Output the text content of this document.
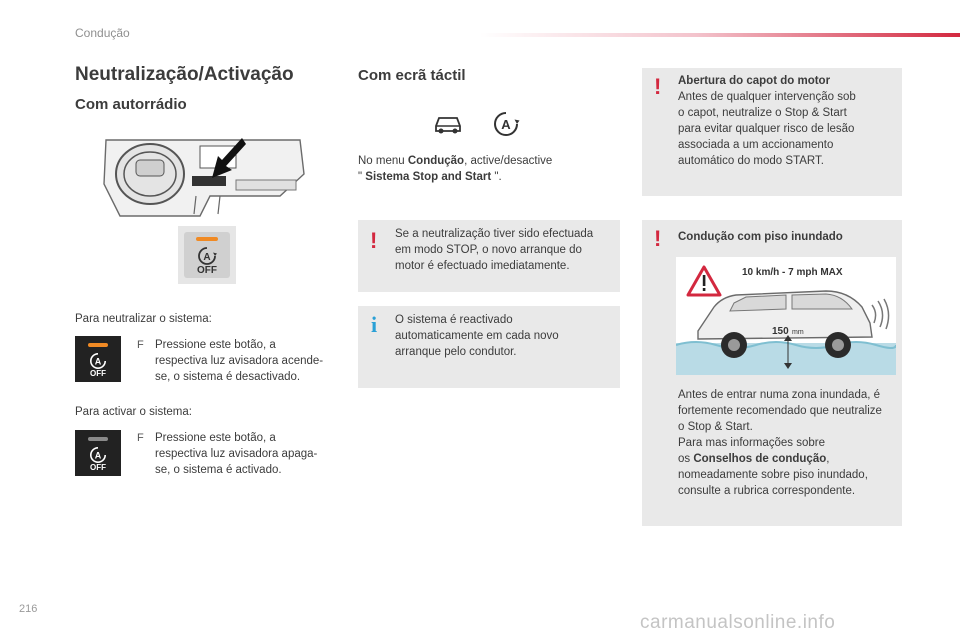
Condução
Neutralização/Activação
Com autorrádio
A
OFF
Para neutralizar o sistema:
A
OFF
F Pressione este botão, a
respectiva luz avisadora acende-
se, o sistema é desactivado.
Para activar o sistema:
A
OFF
F Pressione este botão, a
respectiva luz avisadora apaga-
se, o sistema é activado.
Com ecrã táctil
A
No menu Condução, active/desactive
" Sistema Stop and Start ".
! Se a neutralização tiver sido efectuada
em modo STOP, o novo arranque do
motor é efectuado imediatamente.
i O sistema é reactivado
automaticamente em cada novo
arranque pelo condutor.
! Abertura do capot do motor
Antes de qualquer intervenção sob
o capot, neutralize o Stop & Start
para evitar qualquer risco de lesão
associada a um accionamento
automático do modo START.
! Condução com piso inundado
10 km/h - 7 mph MAX
150 mm
Antes de entrar numa zona inundada, é
fortemente recomendado que neutralize
o Stop & Start.
Para mas informações sobre
os Conselhos de condução,
nomeadamente sobre piso inundado,
consulte a rubrica correspondente.
216
carmanualsonline.info
